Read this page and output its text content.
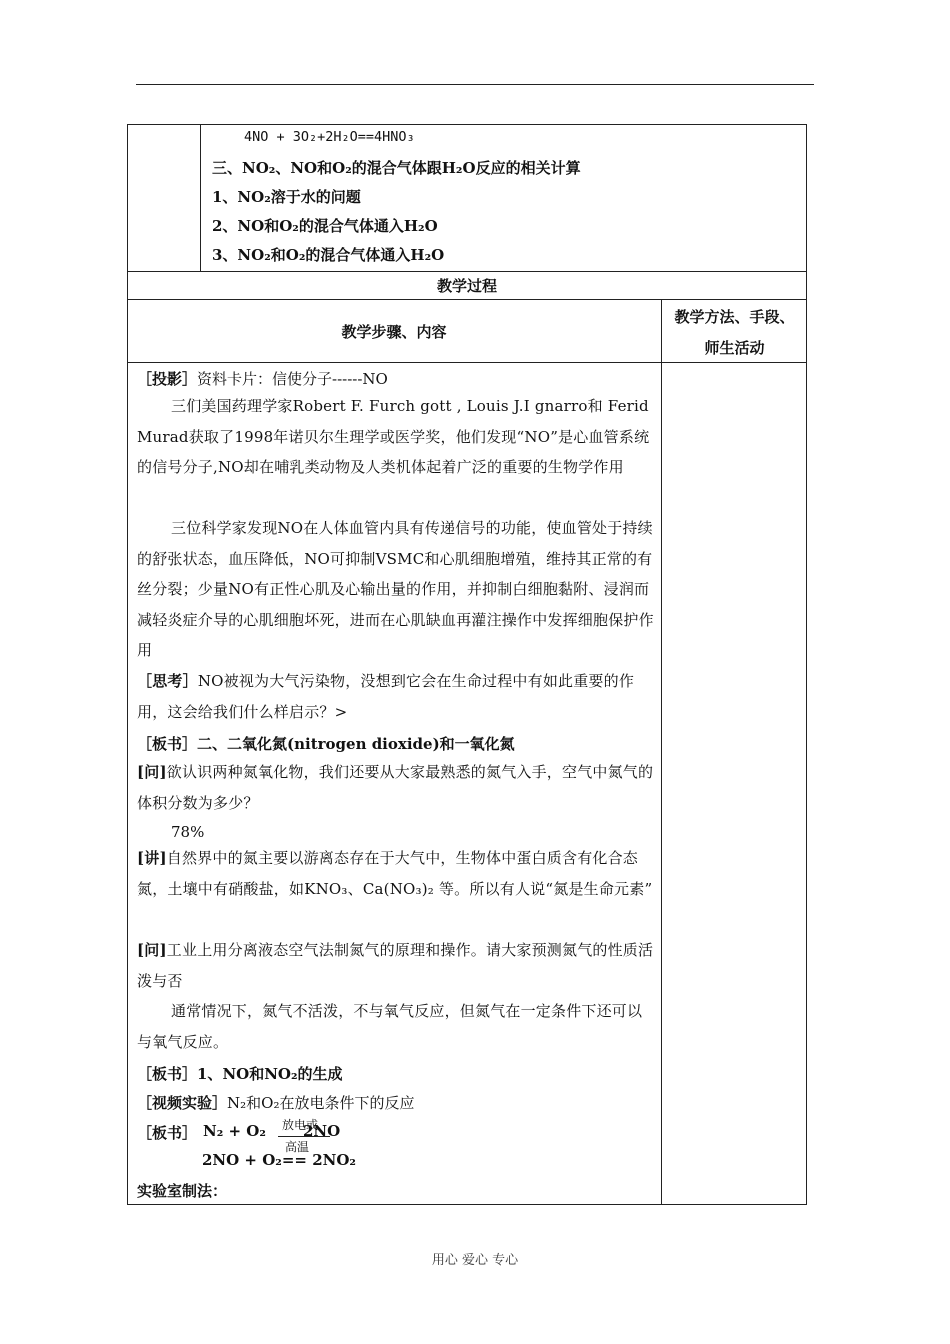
4NO + 3O₂+2H₂O==4HNO₃
三、NO₂、NO和O₂的混合气体跟H₂O反应的相关计算
1、NO₂溶于水的问题
2、NO和O₂的混合气体通入H₂O
3、NO₂和O₂的混合气体通入H₂O
教学过程
教学步骤、内容
教学方法、手段、
师生活动
［投影］资料卡片：信使分子------NO
三们美国药理学家Robert F. Furch gott , Louis J.I gnarro和 Ferid Murad获取了1998年诺贝尔生理学或医学奖，他们发现“NO”是心血管系统的信号分子,NO却在哺乳类动物及人类机体起着广泛的重要的生物学作用
三位科学家发现NO在人体血管内具有传递信号的功能，使血管处于持续的舒张状态，血压降低，NO可抑制VSMC和心肌细胞增殖，维持其正常的有丝分裂；少量NO有正性心肌及心输出量的作用，并抑制白细胞黏附、浸润而减轻炎症介导的心肌细胞坏死，进而在心肌缺血再灌注操作中发挥细胞保护作用
［思考］NO被视为大气污染物，没想到它会在生命过程中有如此重要的作用，这会给我们什么样启示？>
［板书］二、二氧化氮(nitrogen dioxide)和一氧化氮
[问]欲认识两种氮氧化物，我们还要从大家最熟悉的氮气入手，空气中氮气的体积分数为多少？
78%
[讲]自然界中的氮主要以游离态存在于大气中，生物体中蛋白质含有化合态氮，土壤中有硝酸盐，如KNO₃、Ca(NO₃)₂ 等。所以有人说“氮是生命元素”
[问]工业上用分离液态空气法制氮气的原理和操作。请大家预测氮气的性质活泼与否
通常情况下，氮气不活泼，不与氧气反应，但氮气在一定条件下还可以与氧气反应。
［板书］1、NO和NO₂的生成
［视频实验］N₂和O₂在放电条件下的反应
［板书］ N₂ + O₂ 放电或
高温
2NO
2NO + O₂== 2NO₂
实验室制法：
用心 爱心 专心
